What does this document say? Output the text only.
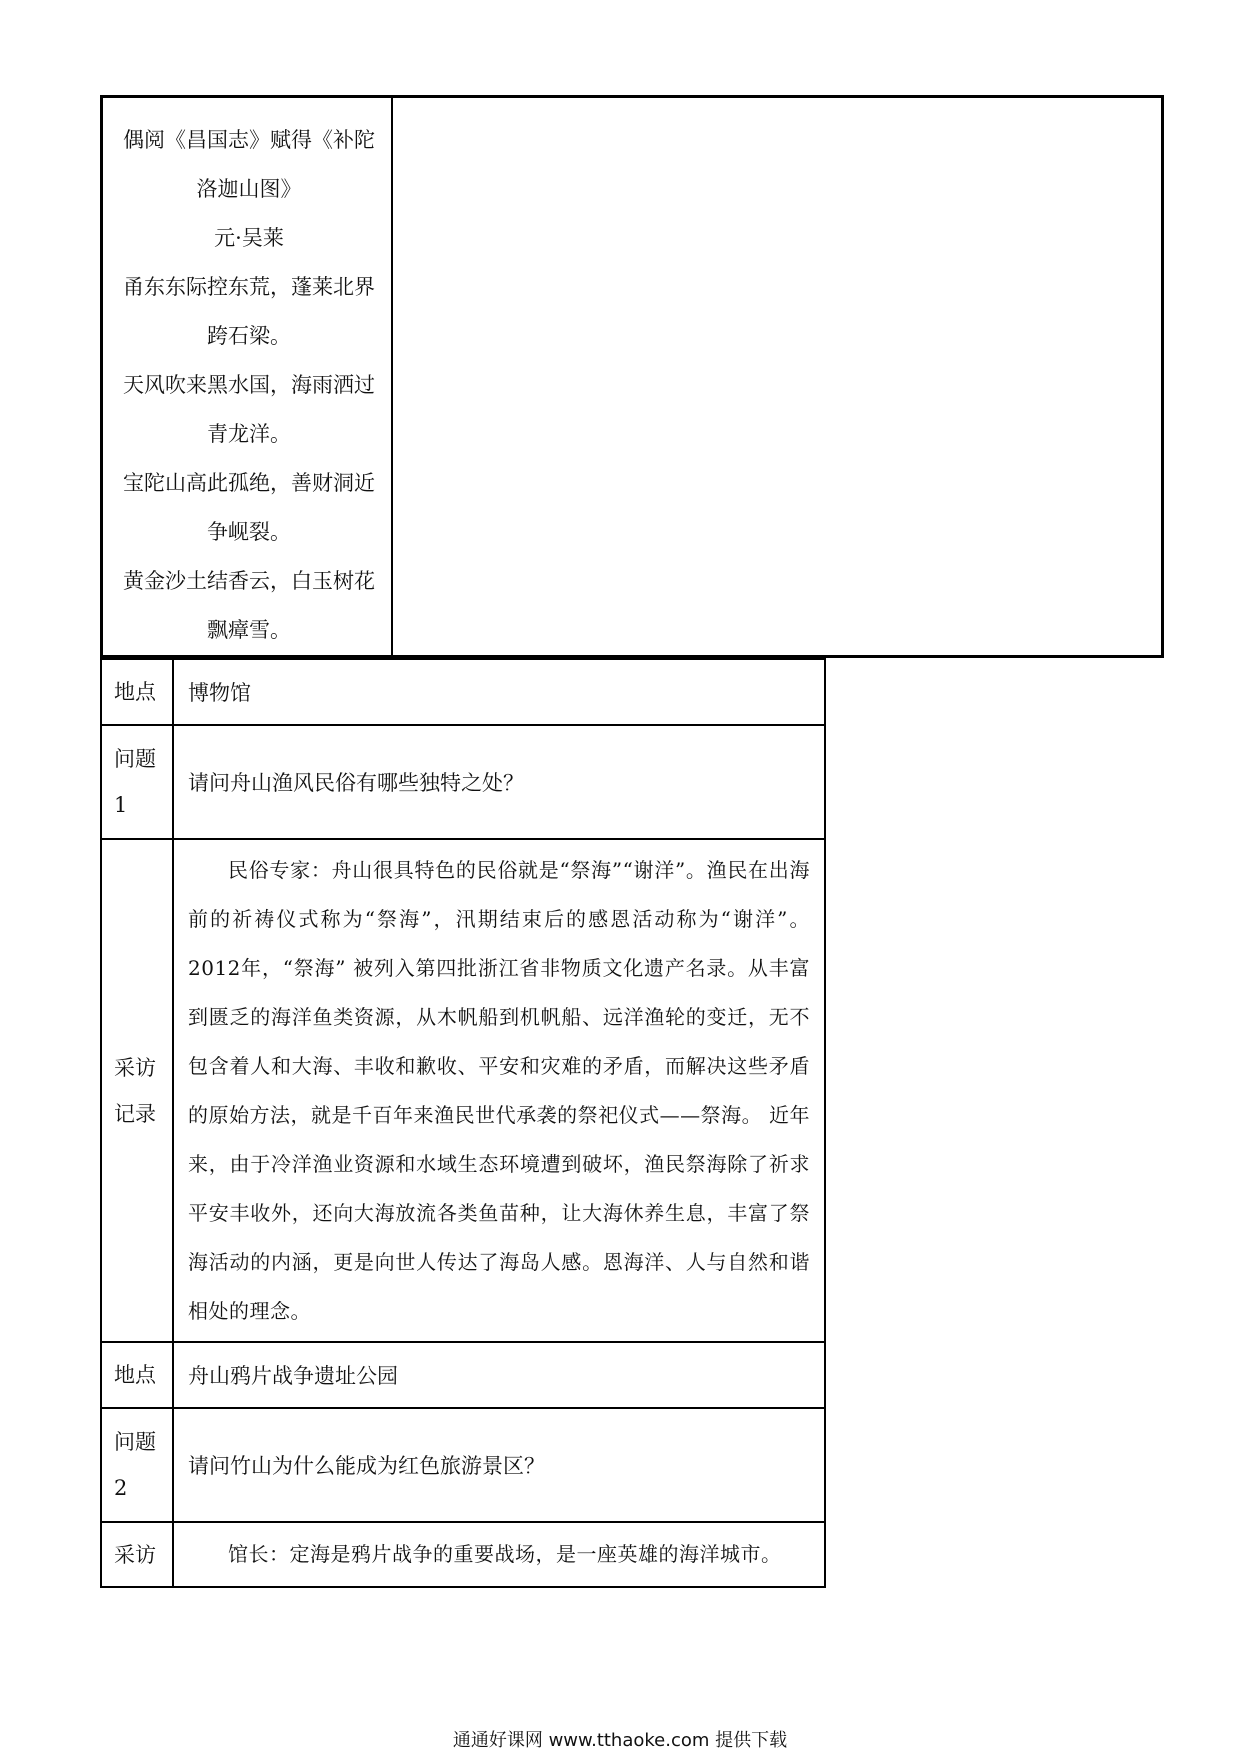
偶阅《昌国志》赋得《补陀
洛迦山图》
元·吴莱
甬东东际控东荒，蓬莱北界
跨石梁。
天风吹来黑水国，海雨洒过
青龙洋。
宝陀山高此孤绝，善财洞近
争岘裂。
黄金沙土结香云，白玉树花
飘瘴雪。
地点	博物馆

问题
1	请问舟山渔风民俗有哪些独特之处？

采访
记录	民俗专家：舟山很具特色的民俗就是“祭海”“谢洋”。渔民在出海前的祈祷仪式称为“祭海”，汛期结束后的感恩活动称为“谢洋”。2012年，“祭海” 被列入第四批浙江省非物质文化遗产名录。从丰富到匮乏的海洋鱼类资源，从木帆船到机帆船、远洋渔轮的变迁，无不包含着人和大海、丰收和歉收、平安和灾难的矛盾，而解决这些矛盾的原始方法，就是千百年来渔民世代承袭的祭祀仪式——祭海。 近年来，由于冷洋渔业资源和水域生态环境遭到破坏，渔民祭海除了祈求平安丰收外，还向大海放流各类鱼苗种，让大海休养生息，丰富了祭海活动的内涵，更是向世人传达了海岛人感。恩海洋、人与自然和谐相处的理念。

地点	舟山鸦片战争遗址公园

问题
2	请问竹山为什么能成为红色旅游景区？
采访	馆长：定海是鸦片战争的重要战场，是一座英雄的海洋城市。
通通好课网 www.tthaoke.com 提供下载
